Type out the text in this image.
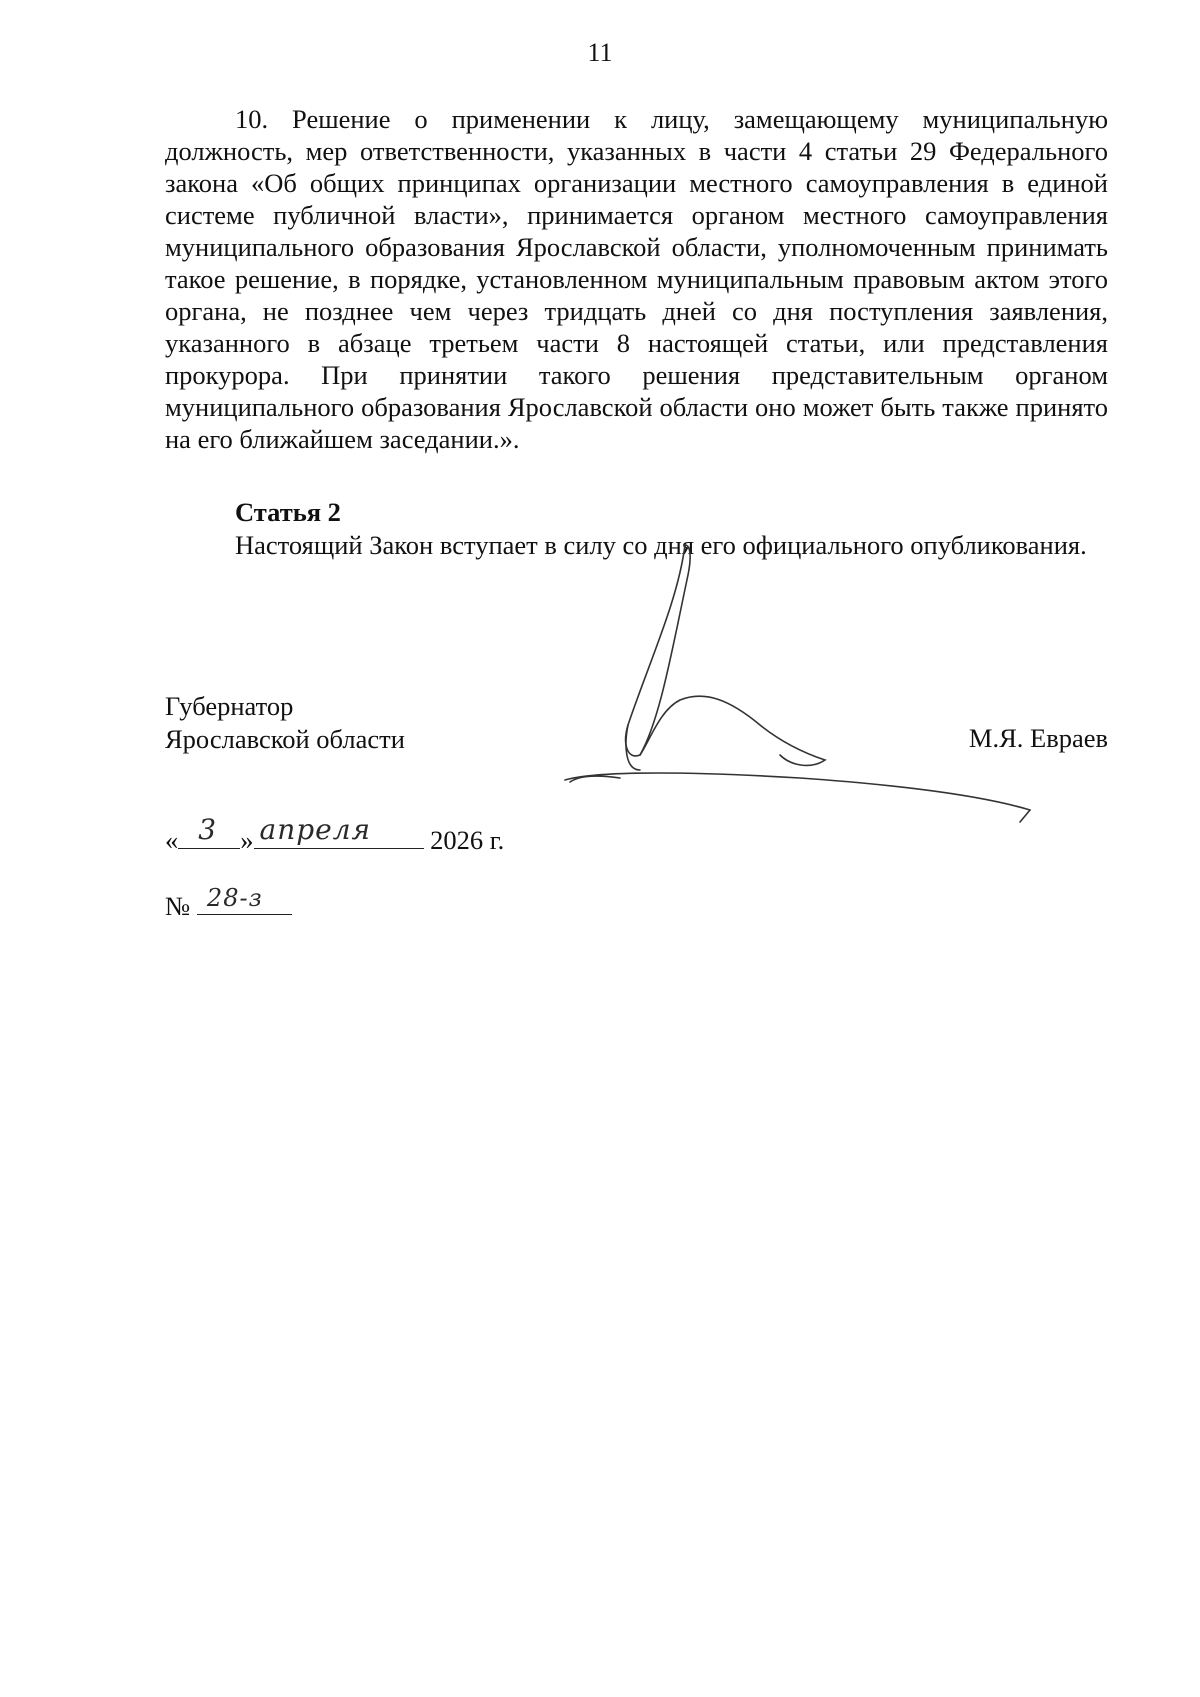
11
10. Решение о применении к лицу, замещающему муниципальную должность, мер ответственности, указанных в части 4 статьи 29 Федерального закона «Об общих принципах организации местного самоуправления в единой системе публичной власти», принимается органом местного самоуправления муниципального образования Ярославской области, уполномоченным принимать такое решение, в порядке, установленном муниципальным правовым актом этого органа, не позднее чем через тридцать дней со дня поступления заявления, указанного в абзаце третьем части 8 настоящей статьи, или представления прокурора. При принятии такого решения представительным органом муниципального образования Ярославской области оно может быть также принято на его ближайшем заседании.».
Статья 2
Настоящий Закон вступает в силу со дня его официального опубликования.
Губернатор
Ярославской области	М.Я. Евраев
« 3 » апреля 2026 г.
№ 28-з
